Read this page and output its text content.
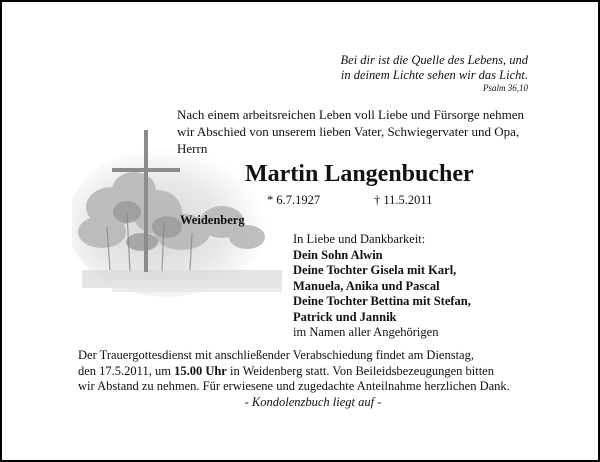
Bei dir ist die Quelle des Lebens, und
in deinem Lichte sehen wir das Licht.
Psalm 36,10
Nach einem arbeitsreichen Leben voll Liebe und Fürsorge nehmen
wir Abschied von unserem lieben Vater, Schwiegervater und Opa,
Herrn
Martin Langenbucher
* 6.7.1927	† 11.5.2011
Weidenberg
In Liebe und Dankbarkeit:
Dein Sohn Alwin
Deine Tochter Gisela mit Karl,
Manuela, Anika und Pascal
Deine Tochter Bettina mit Stefan,
Patrick und Jannik
im Namen aller Angehörigen
Der Trauergottesdienst mit anschließender Verabschiedung findet am Dienstag,
den 17.5.2011, um 15.00 Uhr in Weidenberg statt. Von Beileidsbezeugungen bitten
wir Abstand zu nehmen. Für erwiesene und zugedachte Anteilnahme herzlichen Dank.
- Kondolenzbuch liegt auf -
